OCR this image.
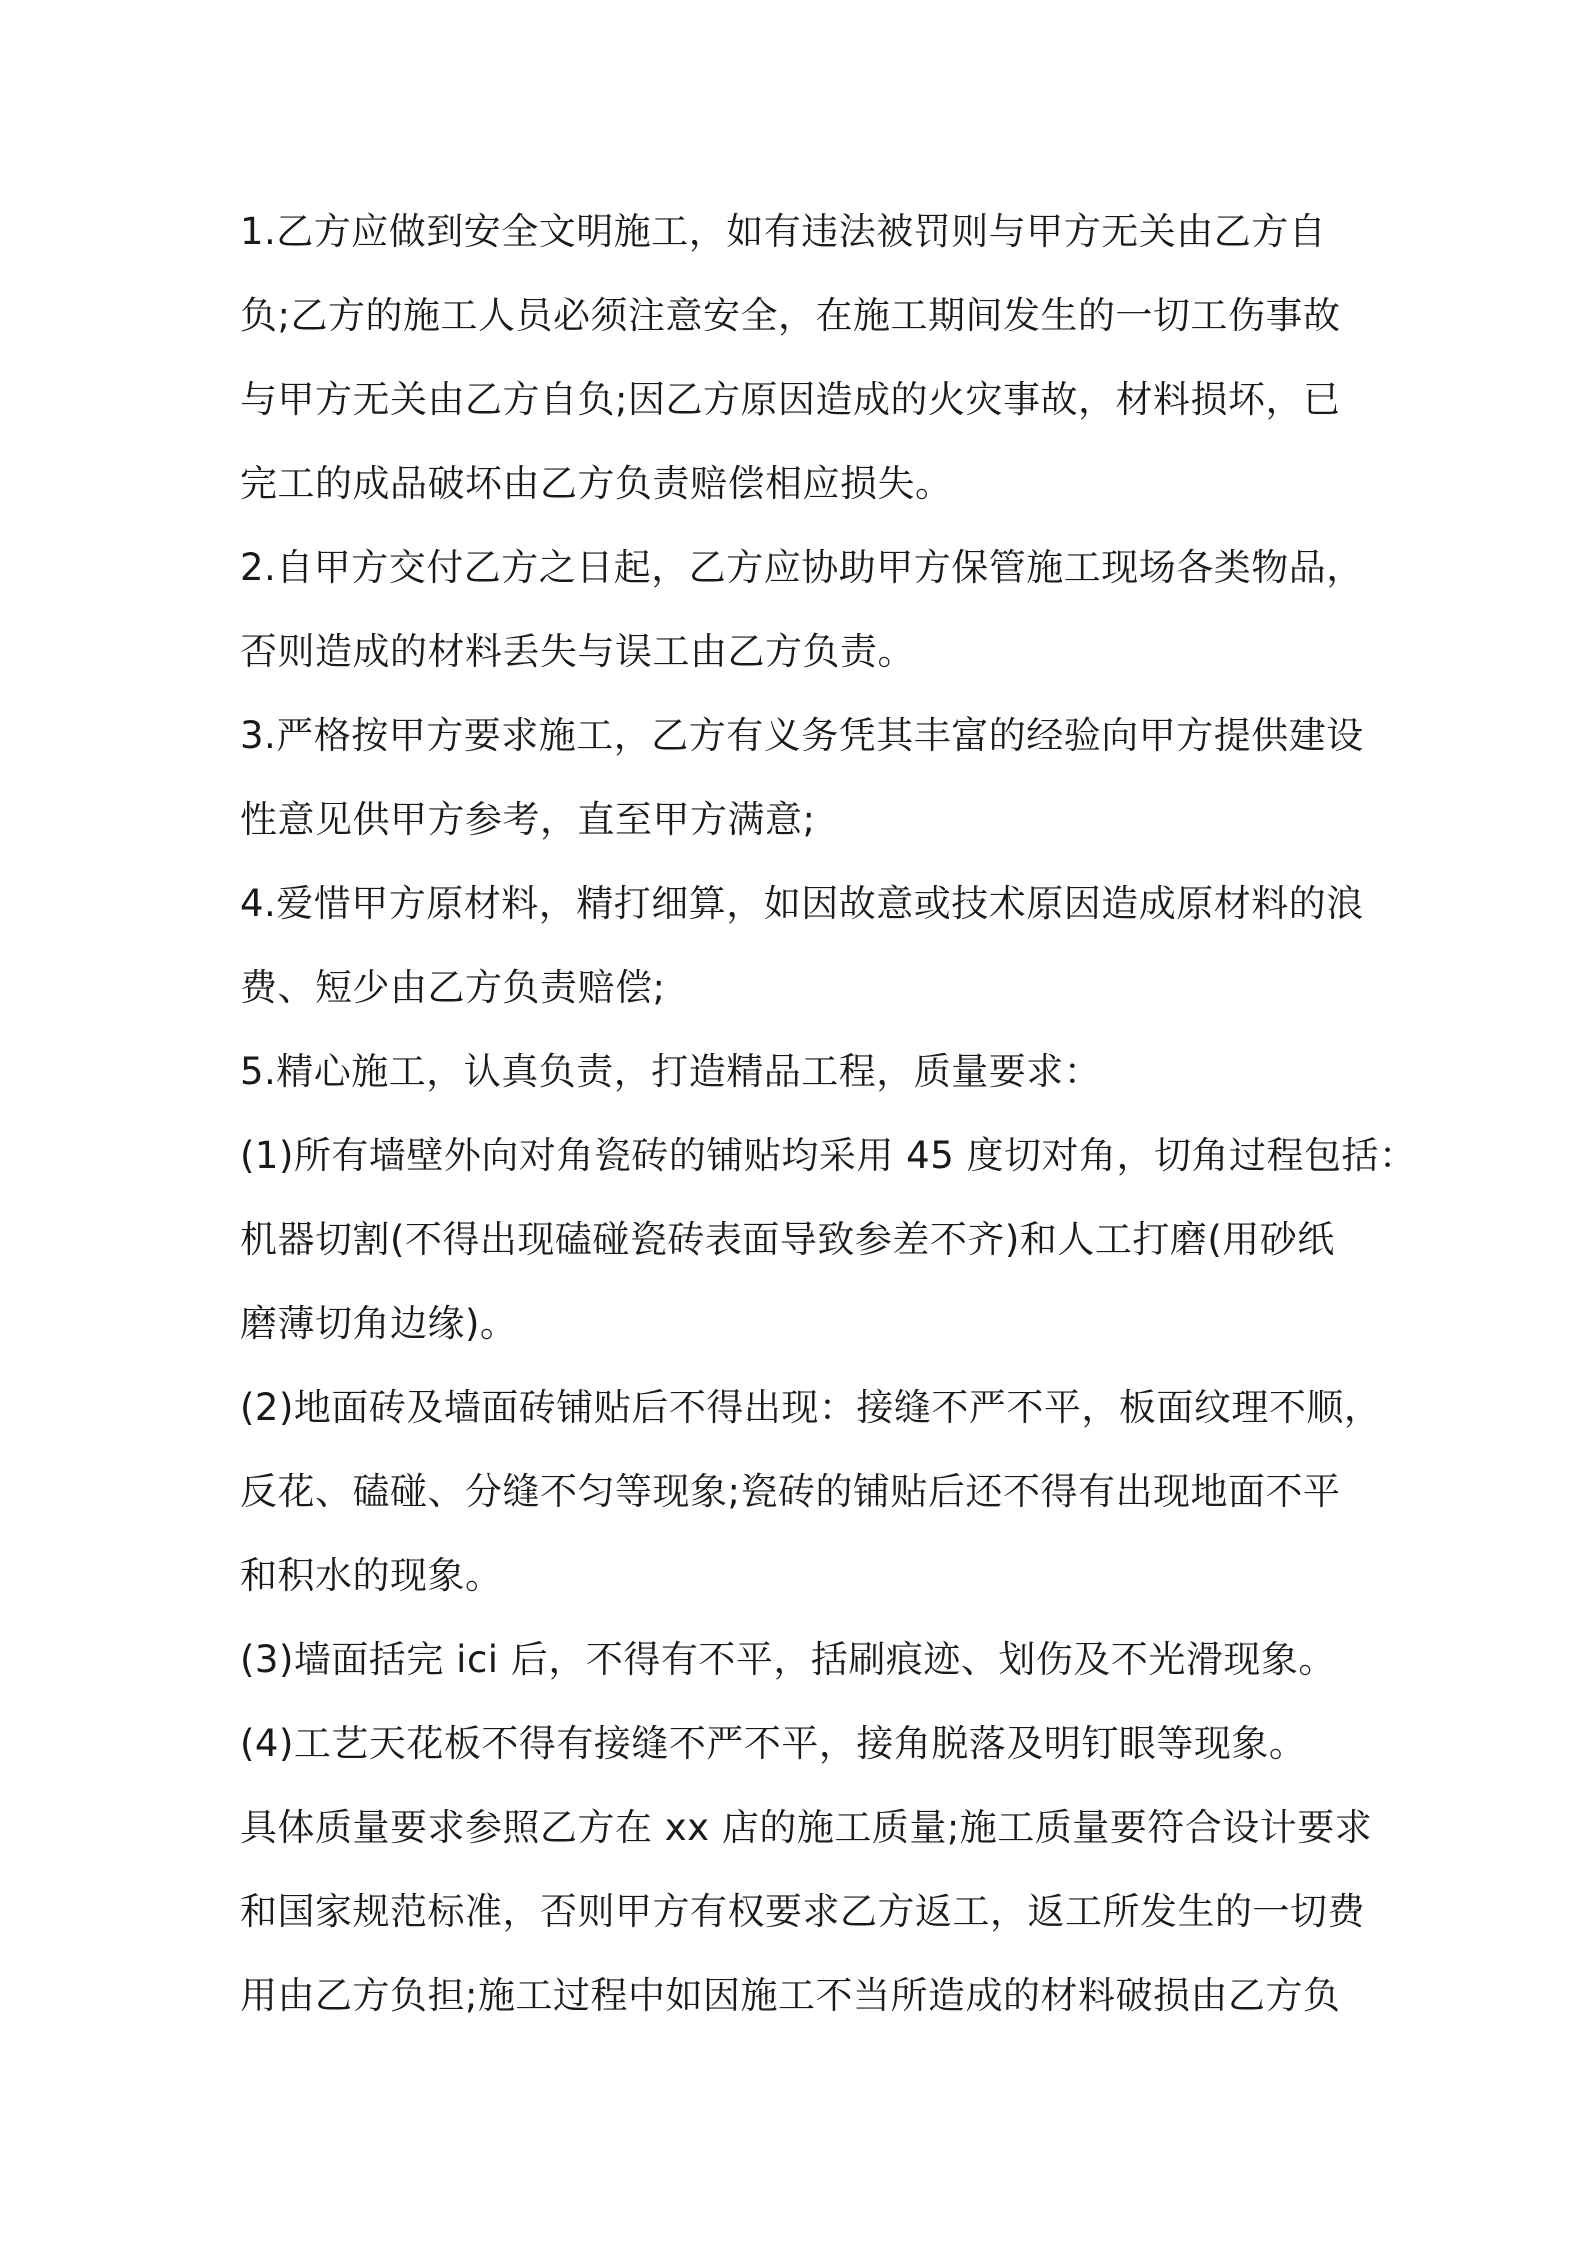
1.乙方应做到安全文明施工，如有违法被罚则与甲方无关由乙方自
负;乙方的施工人员必须注意安全，在施工期间发生的一切工伤事故
与甲方无关由乙方自负;因乙方原因造成的火灾事故，材料损坏，已
完工的成品破坏由乙方负责赔偿相应损失。
2.自甲方交付乙方之日起，乙方应协助甲方保管施工现场各类物品，
否则造成的材料丢失与误工由乙方负责。
3.严格按甲方要求施工，乙方有义务凭其丰富的经验向甲方提供建设
性意见供甲方参考，直至甲方满意;
4.爱惜甲方原材料，精打细算，如因故意或技术原因造成原材料的浪
费、短少由乙方负责赔偿;
5.精心施工，认真负责，打造精品工程，质量要求：
(1)所有墙壁外向对角瓷砖的铺贴均采用 45 度切对角，切角过程包括：
机器切割(不得出现磕碰瓷砖表面导致参差不齐)和人工打磨(用砂纸
磨薄切角边缘)。
(2)地面砖及墙面砖铺贴后不得出现：接缝不严不平，板面纹理不顺，
反花、磕碰、分缝不匀等现象;瓷砖的铺贴后还不得有出现地面不平
和积水的现象。
(3)墙面括完 ici 后，不得有不平，括刷痕迹、划伤及不光滑现象。
(4)工艺天花板不得有接缝不严不平，接角脱落及明钉眼等现象。
具体质量要求参照乙方在 xx 店的施工质量;施工质量要符合设计要求
和国家规范标准，否则甲方有权要求乙方返工，返工所发生的一切费
用由乙方负担;施工过程中如因施工不当所造成的材料破损由乙方负
